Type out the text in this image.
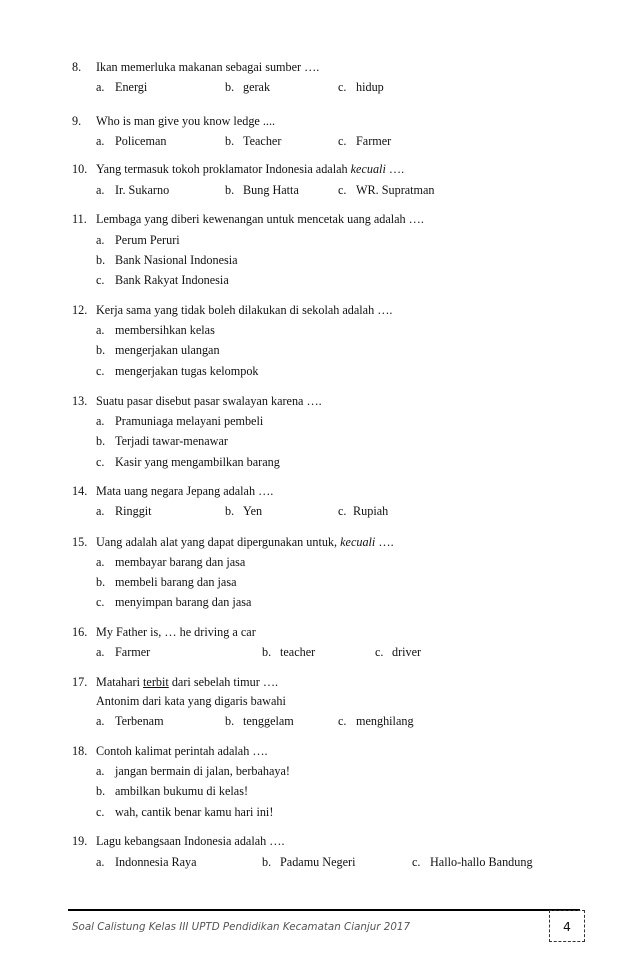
8. Ikan memerluka makanan sebagai sumber ….
a. Energi	b. gerak	c. hidup
9. Who is man give you know ledge ....
a. Policeman	b. Teacher	c. Farmer
10. Yang termasuk tokoh proklamator Indonesia adalah kecuali ….
a. Ir. Sukarno	b. Bung Hatta	c. WR. Supratman
11. Lembaga yang diberi kewenangan untuk mencetak uang adalah ….
a. Perum Peruri
b. Bank Nasional Indonesia
c. Bank Rakyat Indonesia
12. Kerja sama yang tidak boleh dilakukan di sekolah adalah ….
a. membersihkan kelas
b. mengerjakan ulangan
c. mengerjakan tugas kelompok
13. Suatu pasar disebut pasar swalayan karena ….
a. Pramuniaga melayani pembeli
b. Terjadi tawar-menawar
c. Kasir yang mengambilkan barang
14. Mata uang negara Jepang adalah ….
a. Ringgit	b. Yen	c. Rupiah
15. Uang adalah alat yang dapat dipergunakan untuk, kecuali ….
a. membayar barang dan jasa
b. membeli barang dan jasa
c. menyimpan barang dan jasa
16. My Father is, … he driving a car
a. Farmer	b. teacher	c. driver
17. Matahari terbit dari sebelah timur ….
Antonim dari kata yang digaris bawahi
a. Terbenam	b. tenggelam	c. menghilang
18. Contoh kalimat perintah adalah ….
a. jangan bermain di jalan, berbahaya!
b. ambilkan bukumu di kelas!
c. wah, cantik benar kamu hari ini!
19. Lagu kebangsaan Indonesia adalah ….
a. Indonnesia Raya	b. Padamu Negeri	c. Hallo-hallo Bandung
Soal Calistung Kelas III UPTD Pendidikan Kecamatan Cianjur 2017	4
